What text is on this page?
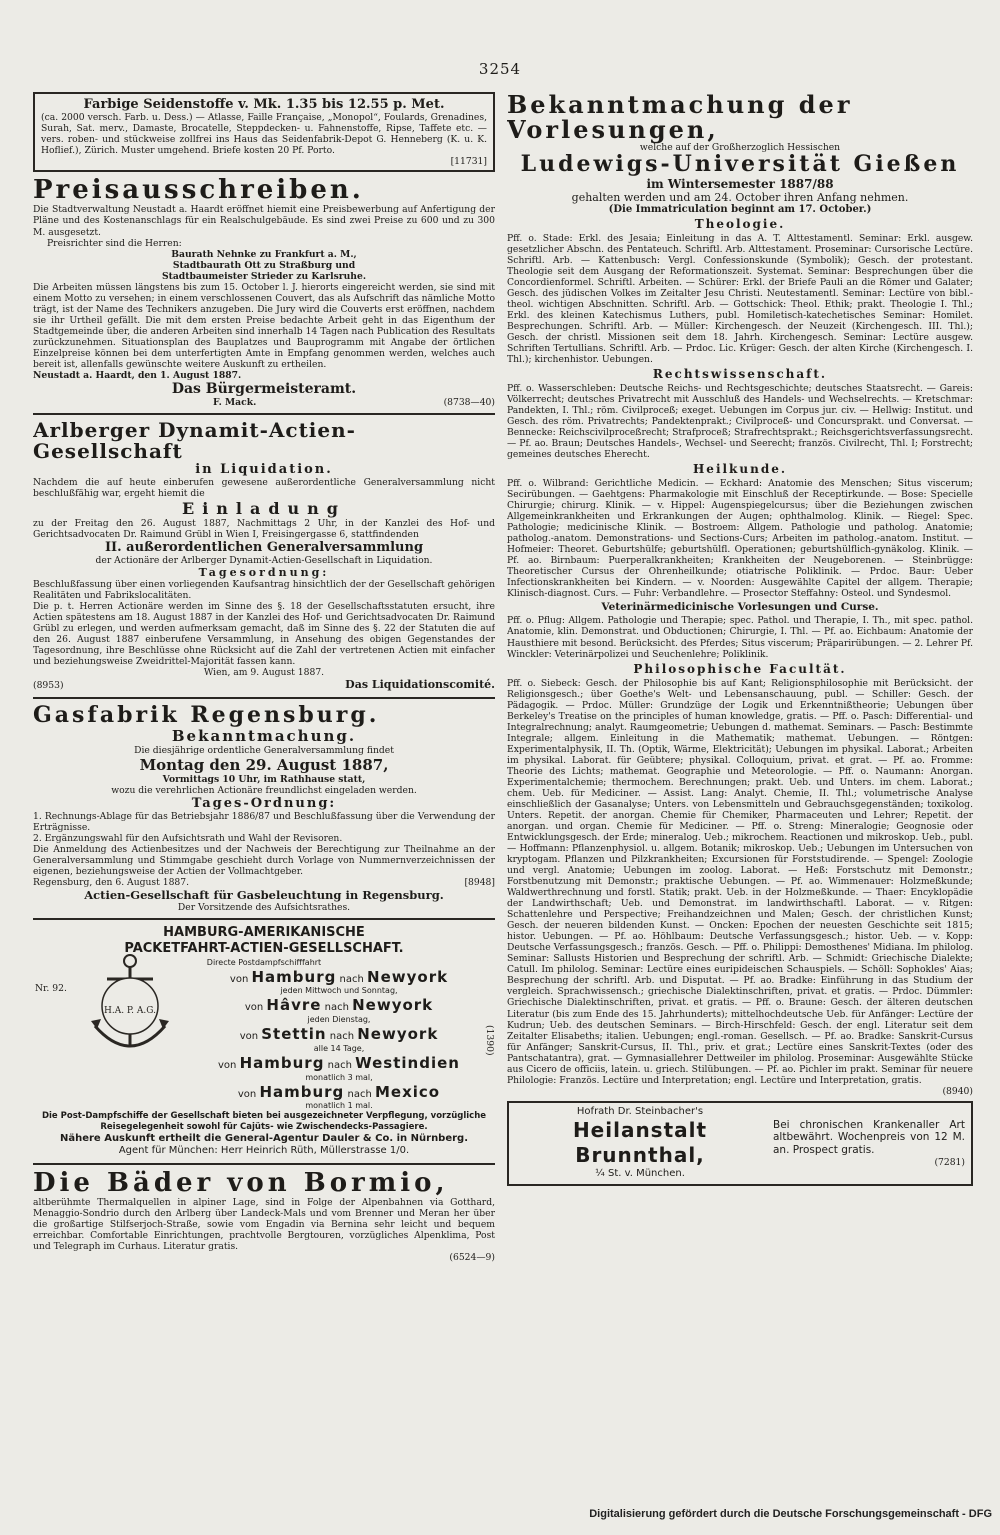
3254
Farbige Seidenstoffe v. Mk. 1.35 bis 12.55 p. Met.
(ca. 2000 versch. Farb. u. Dess.) — Atlasse, Faille Française, „Monopol“, Foulards, Grenadines, Surah, Sat. merv., Damaste, Brocatelle, Steppdecken- u. Fahnenstoffe, Ripse, Taffete etc. — vers. roben- und stückweise zollfrei ins Haus das Seidenfabrik-Depot G. Henneberg (K. u. K. Hoflief.), Zürich. Muster umgehend. Briefe kosten 20 Pf. Porto.
[11731]
Preisausschreiben.
Die Stadtverwaltung Neustadt a. Haardt eröffnet hiemit eine Preisbewerbung auf Anfertigung der Pläne und des Kostenanschlags für ein Realschulgebäude. Es sind zwei Preise zu 600 und zu 300 M. ausgesetzt.
Preisrichter sind die Herren:
Baurath Nehnke zu Frankfurt a. M.,
Stadtbaurath Ott zu Straßburg und
Stadtbaumeister Strieder zu Karlsruhe.
Die Arbeiten müssen längstens bis zum 15. October l. J. hierorts eingereicht werden, sie sind mit einem Motto zu versehen; in einem verschlossenen Couvert, das als Aufschrift das nämliche Motto trägt, ist der Name des Technikers anzugeben. Die Jury wird die Couverts erst eröffnen, nachdem sie ihr Urtheil gefällt. Die mit dem ersten Preise bedachte Arbeit geht in das Eigenthum der Stadtgemeinde über, die anderen Arbeiten sind innerhalb 14 Tagen nach Publication des Resultats zurückzunehmen. Situationsplan des Bauplatzes und Bauprogramm mit Angabe der örtlichen Einzelpreise können bei dem unterfertigten Amte in Empfang genommen werden, welches auch bereit ist, allenfalls gewünschte weitere Auskunft zu ertheilen.
Neustadt a. Haardt, den 1. August 1887.
Das Bürgermeisteramt.
F. Mack.	(8738—40)
Arlberger Dynamit-Actien-Gesellschaft
in Liquidation.
Nachdem die auf heute einberufen gewesene außerordentliche Generalversammlung nicht beschlußfähig war, ergeht hiemit die
Einladung
zu der Freitag den 26. August 1887, Nachmittags 2 Uhr, in der Kanzlei des Hof- und Gerichtsadvocaten Dr. Raimund Grübl in Wien I, Freisingergasse 6, stattfindenden
II. außerordentlichen Generalversammlung
der Actionäre der Arlberger Dynamit-Actien-Gesellschaft in Liquidation.
Tagesordnung:
Beschlußfassung über einen vorliegenden Kaufsantrag hinsichtlich der der Gesellschaft gehörigen Realitäten und Fabrikslocalitäten.
Die p. t. Herren Actionäre werden im Sinne des §. 18 der Gesellschaftsstatuten ersucht, ihre Actien spätestens am 18. August 1887 in der Kanzlei des Hof- und Gerichtsadvocaten Dr. Raimund Grübl zu erlegen, und werden aufmerksam gemacht, daß im Sinne des §. 22 der Statuten die auf den 26. August 1887 einberufene Versammlung, in Ansehung des obigen Gegenstandes der Tagesordnung, ihre Beschlüsse ohne Rücksicht auf die Zahl der vertretenen Actien mit einfacher und beziehungsweise Zweidrittel-Majorität fassen kann.
Wien, am 9. August 1887.
(8953)	Das Liquidationscomité.
Gasfabrik Regensburg.
Bekanntmachung.
Die diesjährige ordentliche Generalversammlung findet
Montag den 29. August 1887,
Vormittags 10 Uhr, im Rathhause statt,
wozu die verehrlichen Actionäre freundlichst eingeladen werden.
Tages-Ordnung:
1. Rechnungs-Ablage für das Betriebsjahr 1886/87 und Beschlußfassung über die Verwendung der Erträgnisse.
2. Ergänzungswahl für den Aufsichtsrath und Wahl der Revisoren.
Die Anmeldung des Actienbesitzes und der Nachweis der Berechtigung zur Theilnahme an der Generalversammlung und Stimmgabe geschieht durch Vorlage von Nummernverzeichnissen der eigenen, beziehungsweise der Actien der Vollmachtgeber.
Regensburg, den 6. August 1887.	[8948]
Actien-Gesellschaft für Gasbeleuchtung in Regensburg.
Der Vorsitzende des Aufsichtsrathes.
HAMBURG-AMERIKANISCHE
PACKETFAHRT-ACTIEN-GESELLSCHAFT.
Directe Postdampfschifffahrt
Nr. 92.
H.A. P. A.G.
von Hamburg nach Newyork
jeden Mittwoch und Sonntag,
von Hâvre nach Newyork
jeden Dienstag,
von Stettin nach Newyork
alle 14 Tage,
von Hamburg nach Westindien
monatlich 3 mal,
von Hamburg nach Mexico
monatlich 1 mal.
(1390)
Die Post-Dampfschiffe der Gesellschaft bieten bei ausgezeichneter Verpflegung, vorzügliche Reisegelegenheit sowohl für Cajüts- wie Zwischendecks-Passagiere.
Nähere Auskunft ertheilt die General-Agentur Dauler & Co. in Nürnberg.
Agent für München: Herr Heinrich Rüth, Müllerstrasse 1/0.
Die Bäder von Bormio,
altberühmte Thermalquellen in alpiner Lage, sind in Folge der Alpenbahnen via Gotthard, Menaggio-Sondrio durch den Arlberg über Landeck-Mals und vom Brenner und Meran her über die großartige Stilfserjoch-Straße, sowie vom Engadin via Bernina sehr leicht und bequem erreichbar. Comfortable Einrichtungen, prachtvolle Bergtouren, vorzügliches Alpenklima, Post und Telegraph im Curhaus. Literatur gratis.
(6524—9)
Bekanntmachung der Vorlesungen,
welche auf der Großherzoglich Hessischen
Ludewigs-Universität Gießen
im Wintersemester 1887/88
gehalten werden und am 24. October ihren Anfang nehmen.
(Die Immatriculation beginnt am 17. October.)
Theologie.
Pff. o. Stade: Erkl. des Jesaia; Einleitung in das A. T. Alttestamentl. Seminar: Erkl. ausgew. gesetzlicher Abschn. des Pentateuch. Schriftl. Arb. Alttestament. Proseminar: Cursorische Lectüre. Schriftl. Arb. — Kattenbusch: Vergl. Confessionskunde (Symbolik); Gesch. der protestant. Theologie seit dem Ausgang der Reformationszeit. Systemat. Seminar: Besprechungen über die Concordienformel. Schriftl. Arbeiten. — Schürer: Erkl. der Briefe Pauli an die Römer und Galater; Gesch. des jüdischen Volkes im Zeitalter Jesu Christi. Neutestamentl. Seminar: Lectüre von bibl.-theol. wichtigen Abschnitten. Schriftl. Arb. — Gottschick: Theol. Ethik; prakt. Theologie I. Thl.; Erkl. des kleinen Katechismus Luthers, publ. Homiletisch-katechetisches Seminar: Homilet. Besprechungen. Schriftl. Arb. — Müller: Kirchengesch. der Neuzeit (Kirchengesch. III. Thl.); Gesch. der christl. Missionen seit dem 18. Jahrh. Kirchengesch. Seminar: Lectüre ausgew. Schriften Tertullians. Schriftl. Arb. — Prdoc. Lic. Krüger: Gesch. der alten Kirche (Kirchengesch. I. Thl.); kirchenhistor. Uebungen.
Rechtswissenschaft.
Pff. o. Wasserschleben: Deutsche Reichs- und Rechtsgeschichte; deutsches Staatsrecht. — Gareis: Völkerrecht; deutsches Privatrecht mit Ausschluß des Handels- und Wechselrechts. — Kretschmar: Pandekten, I. Thl.; röm. Civilproceß; exeget. Uebungen im Corpus jur. civ. — Hellwig: Institut. und Gesch. des röm. Privatrechts; Pandektenprakt.; Civilproceß- und Concursprakt. und Conversat. — Bennecke: Reichscivilproceßrecht; Strafproceß; Strafrechtsprakt.; Reichsgerichtsverfassungsrecht. — Pf. ao. Braun; Deutsches Handels-, Wechsel- und Seerecht; französ. Civilrecht, Thl. I; Forstrecht; gemeines deutsches Eherecht.
Heilkunde.
Pff. o. Wilbrand: Gerichtliche Medicin. — Eckhard: Anatomie des Menschen; Situs viscerum; Secirübungen. — Gaehtgens: Pharmakologie mit Einschluß der Receptirkunde. — Bose: Specielle Chirurgie; chirurg. Klinik. — v. Hippel: Augenspiegelcursus; über die Beziehungen zwischen Allgemeinkrankheiten und Erkrankungen der Augen; ophthalmolog. Klinik. — Riegel: Spec. Pathologie; medicinische Klinik. — Bostroem: Allgem. Pathologie und patholog. Anatomie; patholog.-anatom. Demonstrations- und Sections-Curs; Arbeiten im patholog.-anatom. Institut. — Hofmeier: Theoret. Geburtshülfe; geburtshülfl. Operationen; geburtshülflich-gynäkolog. Klinik. — Pf. ao. Birnbaum: Puerperalkrankheiten; Krankheiten der Neugeborenen. — Steinbrügge: Theoretischer Cursus der Ohrenheilkunde; otiatrische Poliklinik. — Prdoc. Baur: Ueber Infectionskrankheiten bei Kindern. — v. Noorden: Ausgewählte Capitel der allgem. Therapie; Klinisch-diagnost. Curs. — Fuhr: Verbandlehre. — Prosector Steffahny: Osteol. und Syndesmol.
Veterinärmedicinische Vorlesungen und Curse.
Pff. o. Pflug: Allgem. Pathologie und Therapie; spec. Pathol. und Therapie, I. Th., mit spec. pathol. Anatomie, klin. Demonstrat. und Obductionen; Chirurgie, I. Thl. — Pf. ao. Eichbaum: Anatomie der Hausthiere mit besond. Berücksicht. des Pferdes; Situs viscerum; Präparirübungen. — 2. Lehrer Pf. Winckler: Veterinärpolizei und Seuchenlehre; Poliklinik.
Philosophische Facultät.
Pff. o. Siebeck: Gesch. der Philosophie bis auf Kant; Religionsphilosophie mit Berücksicht. der Religionsgesch.; über Goethe's Welt- und Lebensanschauung, publ. — Schiller: Gesch. der Pädagogik. — Prdoc. Müller: Grundzüge der Logik und Erkenntnißtheorie; Uebungen über Berkeley's Treatise on the principles of human knowledge, gratis. — Pff. o. Pasch: Differential- und Integralrechnung; analyt. Raumgeometrie; Uebungen d. mathemat. Seminars. — Pasch: Bestimmte Integrale; allgem. Einleitung in die Mathematik; mathemat. Uebungen. — Röntgen: Experimentalphysik, II. Th. (Optik, Wärme, Elektricität); Uebungen im physikal. Laborat.; Arbeiten im physikal. Laborat. für Geübtere; physikal. Colloquium, privat. et grat. — Pf. ao. Fromme: Theorie des Lichts; mathemat. Geographie und Meteorologie. — Pff. o. Naumann: Anorgan. Experimentalchemie; thermochem. Berechnungen; prakt. Ueb. und Unters. im chem. Laborat.; chem. Ueb. für Mediciner. — Assist. Lang: Analyt. Chemie, II. Thl.; volumetrische Analyse einschließlich der Gasanalyse; Unters. von Lebensmitteln und Gebrauchsgegenständen; toxikolog. Unters. Repetit. der anorgan. Chemie für Chemiker, Pharmaceuten und Lehrer; Repetit. der anorgan. und organ. Chemie für Mediciner. — Pff. o. Streng: Mineralogie; Geognosie oder Entwicklungsgesch. der Erde; mineralog. Ueb.; mikrochem. Reactionen und mikroskop. Ueb., publ. — Hoffmann: Pflanzenphysiol. u. allgem. Botanik; mikroskop. Ueb.; Uebungen im Untersuchen von kryptogam. Pflanzen und Pilzkrankheiten; Excursionen für Forststudirende. — Spengel: Zoologie und vergl. Anatomie; Uebungen im zoolog. Laborat. — Heß: Forstschutz mit Demonstr.; Forstbenutzung mit Demonstr.; praktische Uebungen. — Pf. ao. Wimmenauer: Holzmeßkunde; Waldwerthrechnung und forstl. Statik; prakt. Ueb. in der Holzmeßkunde. — Thaer: Encyklopädie der Landwirthschaft; Ueb. und Demonstrat. im landwirthschaftl. Laborat. — v. Ritgen: Schattenlehre und Perspective; Freihandzeichnen und Malen; Gesch. der christlichen Kunst; Gesch. der neueren bildenden Kunst. — Oncken: Epochen der neuesten Geschichte seit 1815; histor. Uebungen. — Pf. ao. Höhlbaum: Deutsche Verfassungsgesch.; histor. Ueb. — v. Kopp: Deutsche Verfassungsgesch.; französ. Gesch. — Pff. o. Philippi: Demosthenes' Midiana. Im philolog. Seminar: Sallusts Historien und Besprechung der schriftl. Arb. — Schmidt: Griechische Dialekte; Catull. Im philolog. Seminar: Lectüre eines euripideischen Schauspiels. — Schöll: Sophokles' Aias; Besprechung der schriftl. Arb. und Disputat. — Pf. ao. Bradke: Einführung in das Studium der vergleich. Sprachwissensch.; griechische Dialektinschriften, privat. et gratis. — Prdoc. Dümmler: Griechische Dialektinschriften, privat. et gratis. — Pff. o. Braune: Gesch. der älteren deutschen Literatur (bis zum Ende des 15. Jahrhunderts); mittelhochdeutsche Ueb. für Anfänger: Lectüre der Kudrun; Ueb. des deutschen Seminars. — Birch-Hirschfeld: Gesch. der engl. Literatur seit dem Zeitalter Elisabeths; italien. Uebungen; engl.-roman. Gesellsch. — Pf. ao. Bradke: Sanskrit-Cursus für Anfänger; Sanskrit-Cursus, II. Thl., priv. et grat.; Lectüre eines Sanskrit-Textes (oder des Pantschatantra), grat. — Gymnasiallehrer Dettweiler im philolog. Proseminar: Ausgewählte Stücke aus Cicero de officiis, latein. u. griech. Stilübungen. — Pf. ao. Pichler im prakt. Seminar für neuere Philologie: Französ. Lectüre und Interpretation; engl. Lectüre und Interpretation, gratis.
(8940)
Hofrath Dr. Steinbacher's
Heilanstalt Brunnthal,
¼ St. v. München.
Bei chronischen Krankenaller Art altbewährt. Wochenpreis von 12 M. an. Prospect gratis.
(7281)
Digitalisierung gefördert durch die Deutsche Forschungsgemeinschaft - DFG
